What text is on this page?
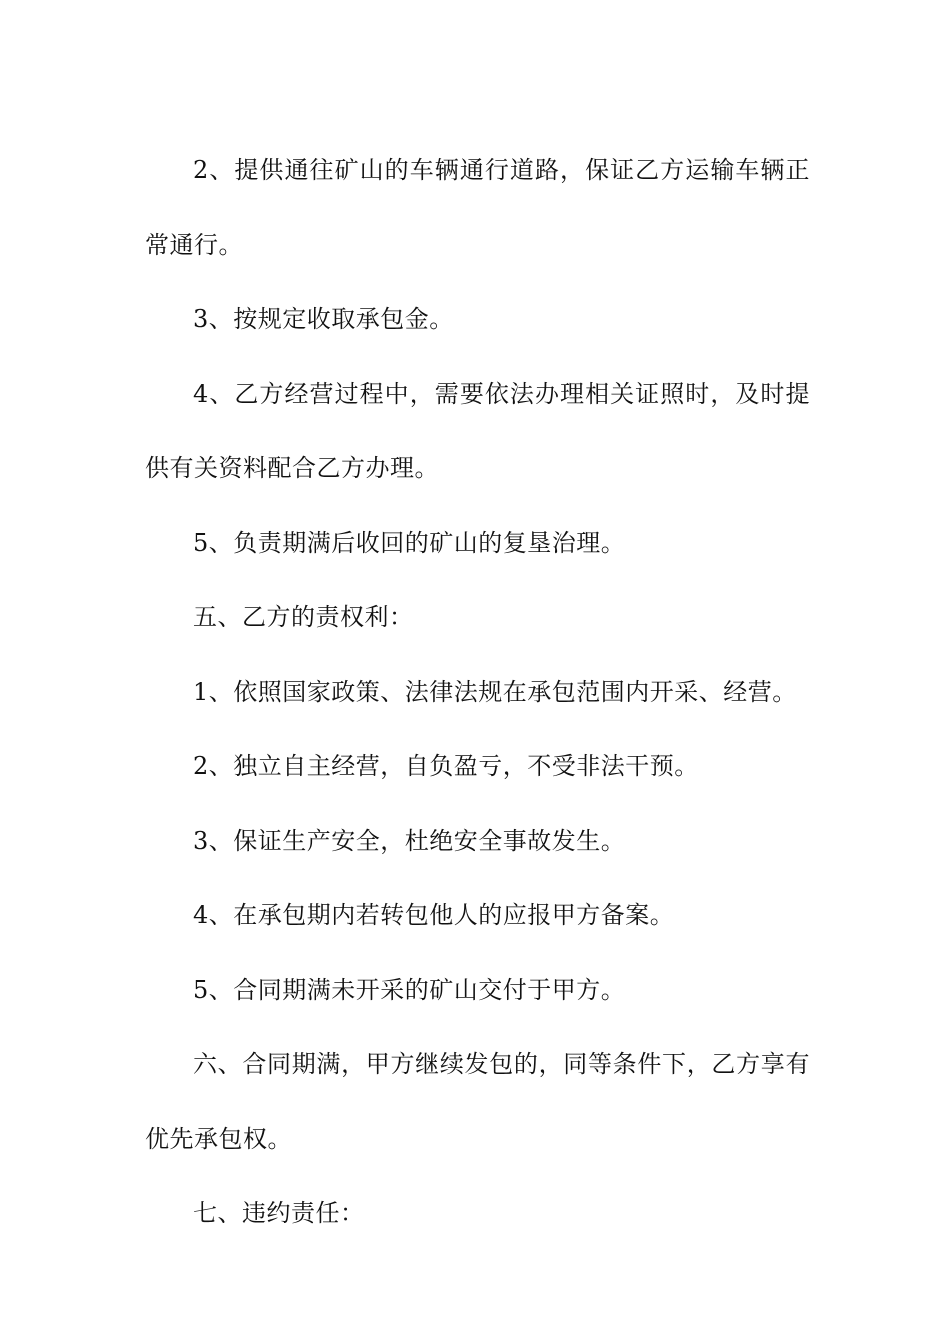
2、提供通往矿山的车辆通行道路，保证乙方运输车辆正常通行。

3、按规定收取承包金。

4、乙方经营过程中，需要依法办理相关证照时，及时提供有关资料配合乙方办理。

5、负责期满后收回的矿山的复垦治理。

五、乙方的责权利：

1、依照国家政策、法律法规在承包范围内开采、经营。

2、独立自主经营，自负盈亏，不受非法干预。

3、保证生产安全，杜绝安全事故发生。

4、在承包期内若转包他人的应报甲方备案。

5、合同期满未开采的矿山交付于甲方。

六、合同期满，甲方继续发包的，同等条件下，乙方享有优先承包权。

七、违约责任：
